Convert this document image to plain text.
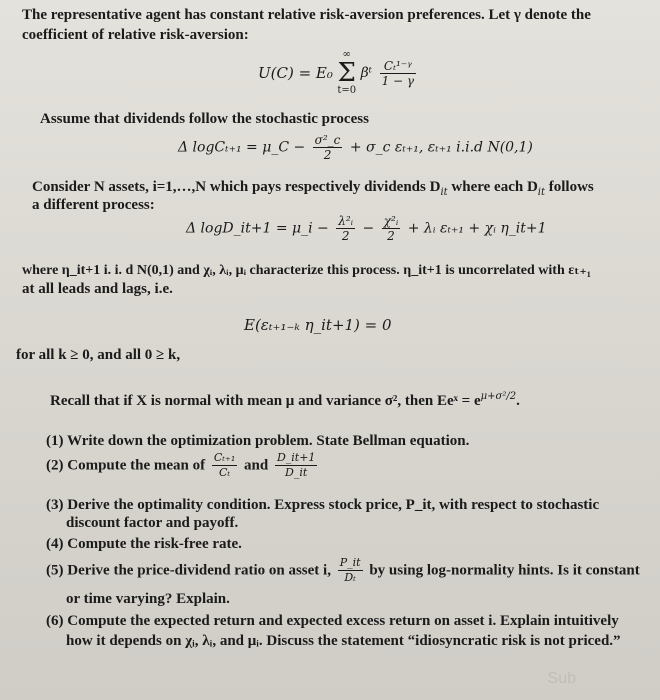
The representative agent has constant relative risk-aversion preferences. Let γ denote the
coefficient of relative risk-aversion:
U(C) = E₀
∞
Σ
t=0
βᵗ $\frac{\text{Cₜ¹⁻ᵞ}}{1 - \gamma}$
Assume that dividends follow the stochastic process
Δ logCₜ₊₁ = μ_C − $\frac{\text{σ²\_c}}{2}$ + σ_c εₜ₊₁, εₜ₊₁ i.i.d N(0,1)
Consider N assets, i=1,…,N which pays respectively dividends $D_{it}$ where each $D_{it}$ follows
a different process:
Δ logD_it+1 = μ_i − $\frac{\text{λ²ᵢ}}{2} - \frac{\text{χ²ᵢ}}{2}$ + λᵢ εₜ₊₁ + χᵢ η_it+1
where η_it+1 i. i. d N(0,1) and χᵢ, λᵢ, μᵢ characterize this process. η_it+1 is uncorrelated with εₜ₊₁
at all leads and lags, i.e.
E(εₜ₊₁₋ₖ η_it+1) = 0
for all k ≥ 0, and all 0 ≥ k,
Recall that if X is normal with mean μ and variance σ², then Eeˣ = $e^{\mu+\sigma^2/2}$.
(1) Write down the optimization problem. State Bellman equation.
(2) Compute the mean of $\frac{\text{Cₜ₊₁}}{\text{Cₜ}}$ and $\frac{D\_it+1}{D\_it}$
(3) Derive the optimality condition. Express stock price, P_it, with respect to stochastic
discount factor and payoff.
(4) Compute the risk-free rate.
(5) Derive the price-dividend ratio on asset i, $\frac{P\_it}{\text{Dₜ}}$ by using log-normality hints. Is it constant
or time varying? Explain.
(6) Compute the expected return and expected excess return on asset i. Explain intuitively
how it depends on χᵢ, λᵢ, and μᵢ. Discuss the statement “idiosyncratic risk is not priced.”
Sub
